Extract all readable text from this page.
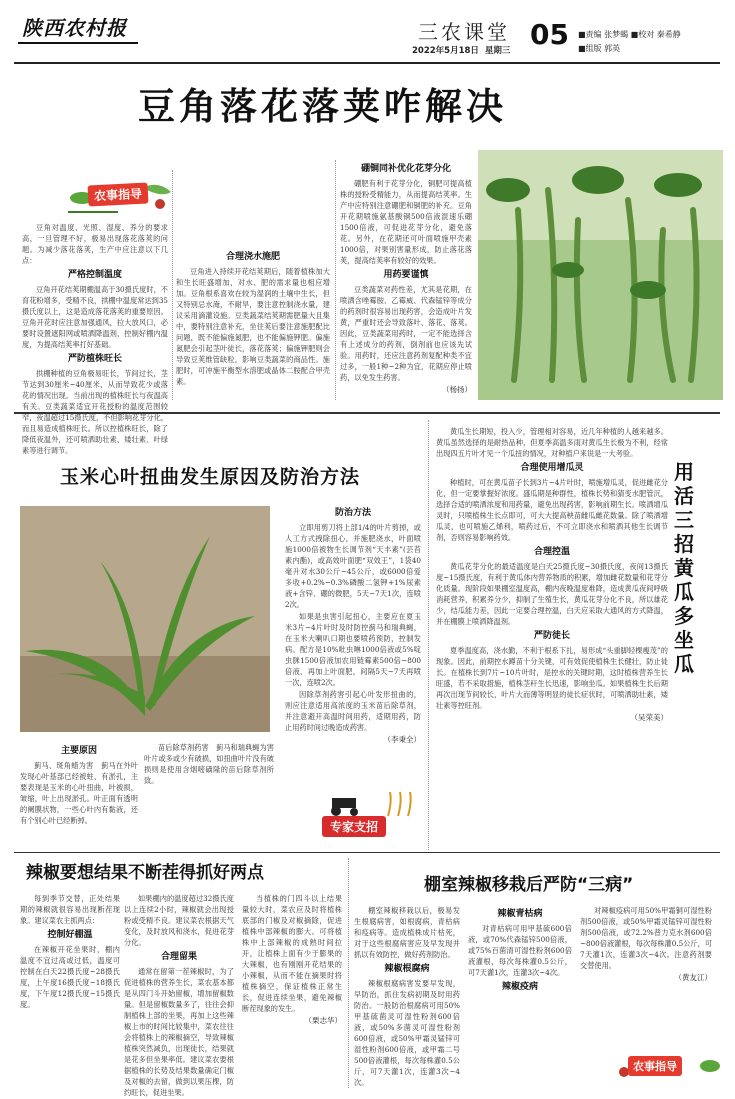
陕西农村报	三农课堂
2022年5月18日 星期三 05 ■责编 张梦蝎 ■校对 秦希静
■组版 郭英
豆角落花落荚咋解决
农事指导

豆角对温度、光照、湿度、养分的要求高，一旦管理不好，极易出现落花落荚的问题。为减少落花落荚，生产中应注意以下几点：

严格控制温度

豆角开花结荚期棚温高于30摄氏度时，不育花粉增多，受精不良，拱棚中温度常达到35摄氏度以上，这是造成落花落荚的重要原因。豆角开花时应注意加强通风，拉大放风口，必要时设置遮阳网或喷洒降温剂，控制好棚内温度，为提高结荚率打好基础。

严防植株旺长

拱棚种植的豆角极易旺长，节间过长，茎节达到30厘米~40厘米，从而导致花少或落花的情况出现。当前出现的植株旺长与夜温高有关。豆类蔬菜适宜开花授粉的温度范围较窄，夜温超过15摄氏度，不但影响花芽分化，而且易造成植株旺长。所以控植株旺长，除了降低夜温外，还可喷洒助壮素、矮壮素、叶绿素等进行调节。

合理浇水施肥

豆角进入持续开花结荚期后，随着植株加大和生长旺盛增加，对水、肥的需求量也相应增加。豆角根系喜欢在较为湿润的土壤中生长，但又特别忌水淹，不耐旱，要注意控制浇水量，建议采用滴灌设施。豆类蔬菜结荚期需肥量大且集中，要特别注意补充，坐住荚后要注意施肥配比问题，既不能偏施氮肥，也不能偏施钾肥。偏施氮肥会引起茎叶徒长，落花落荚；偏施钾肥则会导致豆荚维管缺粒，影响豆类蔬菜的商品性。施肥时，可冲施平衡型水溶肥或晶体二胺配合甲壳素。

硼铜同补优化花芽分化

硼肥有利于花芽分化，铜肥可提高植株的授粉受精能力，从而提高结荚率。生产中应特别注意硼肥和铜肥的补充。豆角开花期喷施氨基酸铜500倍液混速乐硼1500倍液，可促进花芽分化，避免落花。另外，在花期还可叶面喷施甲壳素1000倍，对果别害量形成，防止落花落荚，提高结荚率有较好的效果。

用药要谨慎

豆类蔬菜对药性差，尤其是花期，在喷洒含唑霉胺、乙霉威、代森锰锌等成分的药剂时很容易出现药害，会造成叶片发黄，严重时还会导致落叶、落花、落荚。因此，豆类蔬菜用药时，一定不能选择含有上述成分的药剂，倒剂前也应该先试验。用药时，还应注意药剂复配种类不宜过多，一般1种~2种为宜，花期应停止喷药，以免发生药害。

（杨扬）
玉米心叶扭曲发生原因及防治方法
主要原因

蓟马、斑角蜡为害　蓟马在外叶发现心叶基部已经被蛀、有淤孔，主要表现是玉米的心叶扭曲，叶被损，皱缩，叶上出现淤孔。叶正面有透明的阑膜状物，一些心叶内有黏液，还有个别心叶已经断掉。

苗后除草剂药害　蓟马和瑞典蝇为害叶片或多或少有破损，如扭曲叶片没有破损则是使用含烟嘧磺隆的苗后除草剂所致。

防治方法

立即用剪刀将上部1/4的叶片剪掉，或人工方式拽除扭心，并施肥浇水，叶面喷施1000倍被物生长调节剂“天丰素”(芸苔素内酯)，或高效叶面肥“双效王”，1袋40毫升对水30公斤~45公斤，或6000倍爱多收+0.2%~0.3%磷酸二氢钾+1%尿素液+含锌、硼的微肥，5天~7天1次，连喷2次。

如果是虫害引起扭心，主要应在夏玉米3片~4片叶时及时防控蓟马和瑞典蝇，在玉米大喇叭口期也要喷药预防，控制发病。配方是10%吡虫啉1000倍液或5%啶虫脒1500倍液加农用链霉素500倍~800倍液，再加上叶面肥，间隔5天~7天再喷一次，连喷2次。

因除草剂药害引起心叶发形扭曲的，则应注意适用高浓度的玉米苗后除草剂，并注意避开高温时间用药，适期用药，防止用药时间过晚造成药害。

（李秉全）
专家支招

黄瓜生长期短，投入少，管理相对容易，近几年种植的人越来越多。黄瓜虽然选择的是耐热品种，但夏季高温多雨对黄瓜生长极为不利，经常出现四五片叶才见一个瓜扭的情况，对种植户来说是一大考验。

合理使用增瓜灵

种植时，可在黄瓜苗子长到3片~4片叶时，喷施增瓜灵，促进雌花分化，但一定要掌握好浓度。盛瓜期是种群性，植株长势和猜变水肥管沉，选择合适的喷洒浓度和用药量，避免出现药害，影响前期生长。喷洒增瓜灵时，只喷植株生长点即可，可大大提高秧苗雌瓜雌花数量。除了喷洒增瓜灵，也可喷施乙烯利，喷药过后，不可立即浇水和喷洒其他生长调节剂，否则容易影响药效。

合理控温

黄瓜花芽分化的最适温度是白天25摄氏度~30摄氏度，夜间13摄氏度~15摄氏度，有利于黄瓜体内营养物质的积累，增加雌花数量和花芽分化质量。现阶段如果棚室温度高，棚内夜晚温度难降，造成黄瓜夜间呼吸消耗营养，积累养分少，抑制了生殖生长，黄瓜花芽分化不良，所以雄花少，结瓜能力差，因此一定要合理控温，白天应采取大通风的方式降温，并在棚膜上喷洒降温剂。

严防徒长

夏季温度高，浇水勤，不利于根系下扎，易形成“头重脚轻棵瘦茂”的现象。因此，前期控水蹲苗十分关键，可有效促使植株生长健壮，防止徒长。在植株长到7片~10片叶时，是控水的关键时期，这时植株营养生长旺盛，若不采取措施，植株茎秆生长迅速，影响坐瓜。如果植株生长后期再次出现节间较长，叶片大而薄等明显的徒长症状时，可喷洒助壮素，矮壮素等控旺剂。

（吴荣美）
用活三招 黄瓜多坐瓜
辣椒要想结果不断茬得抓好两点

每到季节交替，正处结果期的辣椒就很容易出现断茬现象。建议菜农主抓两点：

控制好棚温

在辣椒开花坐果时，棚内温度不宜过高或过低，温度可控制在白天22摄氏度~28摄氏度，上午度16摄氏度~18摄氏度，下午度12摄氏度~15摄氏度。

如果棚内的温度超过32摄氏度以上连续2小时，辣椒就会出现授粉或受精不良。建议菜农根据天气变化，及时放风和浇水，促进花芽分化。

合理留果

通常在留第一茬辣椒时，为了促进植株的营养生长，菜农基本都是从四门斗开始留椒，增加留椒数量。但是留椒数量多了，往往会抑制植株上部的坐果，再加上这些辣椒上市的时间比较集中，菜农往往会将植株上的辣椒摘空，导致辣椒植株突然减负，出现徒长，结果就是花多但坐果率低。建议菜农要根据植株的长势及结果数量确定门椒及对椒的去留，做到以果压棵，防约旺长，促进坐果。

当植株的门四斗以上结果量较大时，菜农应及时将植株底部的门椒及对椒摘除，促进植株中部辣椒的膨大。可将植株中上部辣椒的成熟时间拉开，让植株上面有少于膨果的大辣椒，也有刚刚开花结果的小辣椒，从而不能在摘果时将植株摘空，保证植株正常生长，促进连续坐果，避免辣椒断茬现象的发生。

（栗志华）
棚室辣椒移栽后严防“三病”

棚室辣椒移栽以后，极易发生根腐病害，如根腐病，青枯病和疫病等。造成植株成片枯死，对于这些根腐病害应及早发现并抓以有效防控，做好药剂防治。

辣椒根腐病

辣椒根腐病害发要早发现，早防治，抓住发病初期及时用药防治。一般防治根腐病可用50%甲基硫菌灵可湿性粉剂600倍液，或50%多菌灵可湿性粉剂600倍液，或50%甲霜灵锰锌可湿性粉剂600倍液，或甲霜二号500倍液灌根，每次每株灌0.5公斤，可7天灌1次，连灌3次~4次。

辣椒青枯病

对青枯病可用甲基硫600倍液，或70%代森锰锌500倍液，或75%百菌清可湿性粉剂600倍液灌根，每次每株灌0.5公斤，可7天灌1次，连灌3次~4次。

辣椒疫病

对辣椒疫病可用50%甲霜铜可湿性粉剂500倍液，或50%甲霜灵锰锌可湿性粉剂500倍液，或72.2%普力克水剂600倍~800倍液灌根，每次每株灌0.5公斤，可7天灌1次，连灌3次~4次。注意药剂要交替使用。

（黄友江）
农事指导
